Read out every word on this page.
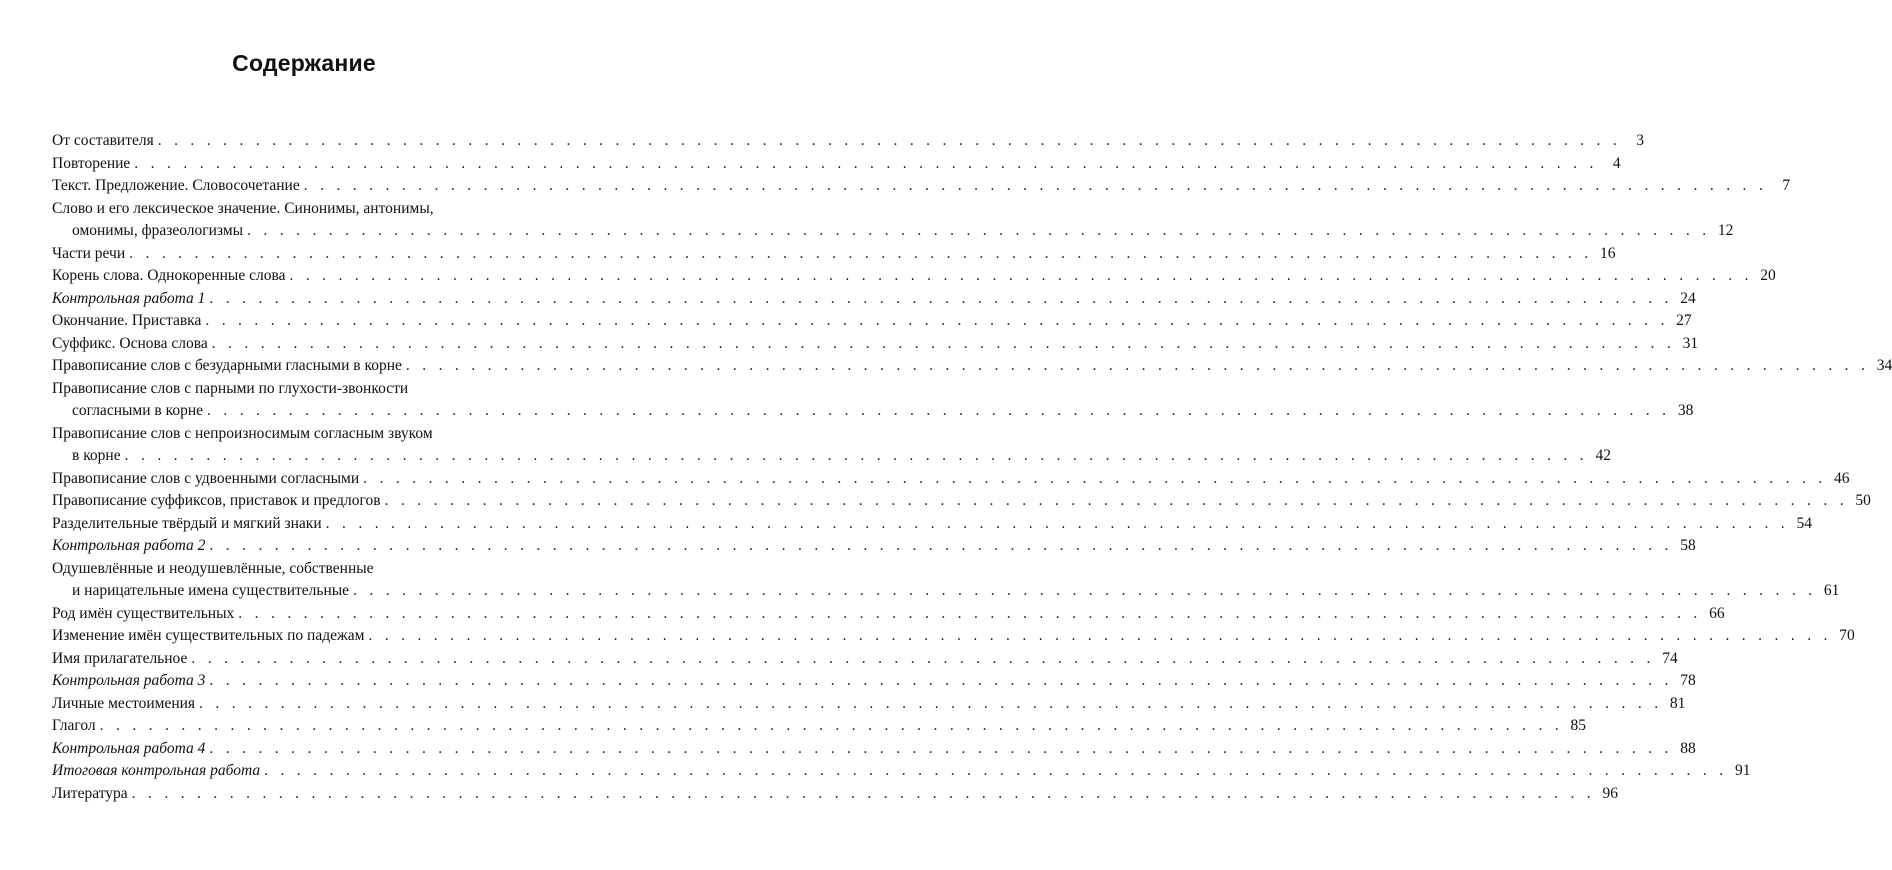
Содержание
От составителя . . . . . . . . . . . . . . . . . . . . . . . . . . . . . . . . . . . . . . . . . . . . . . . . . . . . . . . . . . . . . . . . . . . . . . . . . . . . . . . . . . . . . . . . . . 3
Повторение . . . . . . . . . . . . . . . . . . . . . . . . . . . . . . . . . . . . . . . . . . . . . . . . . . . . . . . . . . . . . . . . . . . . . . . . . . . . . . . . . . . . . . . . . . 4
Текст. Предложение. Словосочетание . . . . . . . . . . . . . . . . . . . . . . . . . . . . . . . . . . . . . . . . . . . . . . . . . . . . . . . . . . . . . . . . . . . . . . . . . . . . . . . . . . . . . . . . . . 7
Слово и его лексическое значение. Синонимы, антонимы,
омонимы, фразеологизмы . . . . . . . . . . . . . . . . . . . . . . . . . . . . . . . . . . . . . . . . . . . . . . . . . . . . . . . . . . . . . . . . . . . . . . . . . . . . . . . . . . . . . . . . . . 12
Части речи . . . . . . . . . . . . . . . . . . . . . . . . . . . . . . . . . . . . . . . . . . . . . . . . . . . . . . . . . . . . . . . . . . . . . . . . . . . . . . . . . . . . . . . . . . 16
Корень слова. Однокоренные слова . . . . . . . . . . . . . . . . . . . . . . . . . . . . . . . . . . . . . . . . . . . . . . . . . . . . . . . . . . . . . . . . . . . . . . . . . . . . . . . . . . . . . . . . . . 20
Контрольная работа 1 . . . . . . . . . . . . . . . . . . . . . . . . . . . . . . . . . . . . . . . . . . . . . . . . . . . . . . . . . . . . . . . . . . . . . . . . . . . . . . . . . . . . . . . . . . 24
Окончание. Приставка . . . . . . . . . . . . . . . . . . . . . . . . . . . . . . . . . . . . . . . . . . . . . . . . . . . . . . . . . . . . . . . . . . . . . . . . . . . . . . . . . . . . . . . . . . 27
Суффикс. Основа слова . . . . . . . . . . . . . . . . . . . . . . . . . . . . . . . . . . . . . . . . . . . . . . . . . . . . . . . . . . . . . . . . . . . . . . . . . . . . . . . . . . . . . . . . . . 31
Правописание слов с безударными гласными в корне . . . . . . . . . . . . . . . . . . . . . . . . . . . . . . . . . . . . . . . . . . . . . . . . . . . . . . . . . . . . . . . . . . . . . . . . . . . . . . . . . . . . . . . . . . 34
Правописание слов с парными по глухости-звонкости
согласными в корне . . . . . . . . . . . . . . . . . . . . . . . . . . . . . . . . . . . . . . . . . . . . . . . . . . . . . . . . . . . . . . . . . . . . . . . . . . . . . . . . . . . . . . . . . . 38
Правописание слов с непроизносимым согласным звуком
в корне . . . . . . . . . . . . . . . . . . . . . . . . . . . . . . . . . . . . . . . . . . . . . . . . . . . . . . . . . . . . . . . . . . . . . . . . . . . . . . . . . . . . . . . . . . 42
Правописание слов с удвоенными согласными . . . . . . . . . . . . . . . . . . . . . . . . . . . . . . . . . . . . . . . . . . . . . . . . . . . . . . . . . . . . . . . . . . . . . . . . . . . . . . . . . . . . . . . . . . 46
Правописание суффиксов, приставок и предлогов . . . . . . . . . . . . . . . . . . . . . . . . . . . . . . . . . . . . . . . . . . . . . . . . . . . . . . . . . . . . . . . . . . . . . . . . . . . . . . . . . . . . . . . . . . 50
Разделительные твёрдый и мягкий знаки . . . . . . . . . . . . . . . . . . . . . . . . . . . . . . . . . . . . . . . . . . . . . . . . . . . . . . . . . . . . . . . . . . . . . . . . . . . . . . . . . . . . . . . . . . 54
Контрольная работа 2 . . . . . . . . . . . . . . . . . . . . . . . . . . . . . . . . . . . . . . . . . . . . . . . . . . . . . . . . . . . . . . . . . . . . . . . . . . . . . . . . . . . . . . . . . . 58
Одушевлённые и неодушевлённые, собственные
и нарицательные имена существительные . . . . . . . . . . . . . . . . . . . . . . . . . . . . . . . . . . . . . . . . . . . . . . . . . . . . . . . . . . . . . . . . . . . . . . . . . . . . . . . . . . . . . . . . . . 61
Род имён существительных . . . . . . . . . . . . . . . . . . . . . . . . . . . . . . . . . . . . . . . . . . . . . . . . . . . . . . . . . . . . . . . . . . . . . . . . . . . . . . . . . . . . . . . . . . 66
Изменение имён существительных по падежам . . . . . . . . . . . . . . . . . . . . . . . . . . . . . . . . . . . . . . . . . . . . . . . . . . . . . . . . . . . . . . . . . . . . . . . . . . . . . . . . . . . . . . . . . . 70
Имя прилагательное . . . . . . . . . . . . . . . . . . . . . . . . . . . . . . . . . . . . . . . . . . . . . . . . . . . . . . . . . . . . . . . . . . . . . . . . . . . . . . . . . . . . . . . . . . 74
Контрольная работа 3 . . . . . . . . . . . . . . . . . . . . . . . . . . . . . . . . . . . . . . . . . . . . . . . . . . . . . . . . . . . . . . . . . . . . . . . . . . . . . . . . . . . . . . . . . . 78
Личные местоимения . . . . . . . . . . . . . . . . . . . . . . . . . . . . . . . . . . . . . . . . . . . . . . . . . . . . . . . . . . . . . . . . . . . . . . . . . . . . . . . . . . . . . . . . . . 81
Глагол . . . . . . . . . . . . . . . . . . . . . . . . . . . . . . . . . . . . . . . . . . . . . . . . . . . . . . . . . . . . . . . . . . . . . . . . . . . . . . . . . . . . . . . . . . 85
Контрольная работа 4 . . . . . . . . . . . . . . . . . . . . . . . . . . . . . . . . . . . . . . . . . . . . . . . . . . . . . . . . . . . . . . . . . . . . . . . . . . . . . . . . . . . . . . . . . . 88
Итоговая контрольная работа . . . . . . . . . . . . . . . . . . . . . . . . . . . . . . . . . . . . . . . . . . . . . . . . . . . . . . . . . . . . . . . . . . . . . . . . . . . . . . . . . . . . . . . . . . 91
Литература . . . . . . . . . . . . . . . . . . . . . . . . . . . . . . . . . . . . . . . . . . . . . . . . . . . . . . . . . . . . . . . . . . . . . . . . . . . . . . . . . . . . . . . . . . 96
